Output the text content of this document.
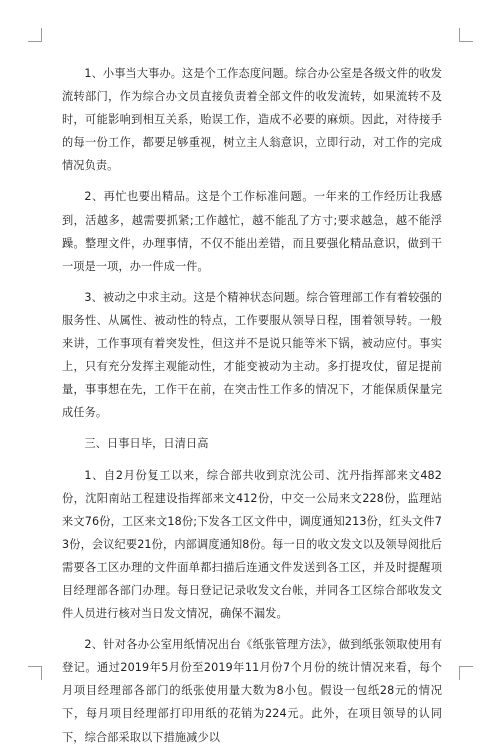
1、小事当大事办。这是个工作态度问题。综合办公室是各级文件的收发流转部门，作为综合办文员直接负责着全部文件的收发流转，如果流转不及时，可能影响到相互关系，贻误工作，造成不必要的麻烦。因此，对待接手的每一份工作，都要足够重视，树立主人翁意识，立即行动，对工作的完成情况负责。

2、再忙也要出精品。这是个工作标准问题。一年来的工作经历让我感到，活越多，越需要抓紧;工作越忙，越不能乱了方寸;要求越急，越不能浮躁。整理文件，办理事情，不仅不能出差错，而且要强化精品意识，做到干一项是一项，办一件成一件。

3、被动之中求主动。这是个精神状态问题。综合管理部工作有着较强的服务性、从属性、被动性的特点，工作要服从领导日程，围着领导转。一般来讲，工作事项有着突发性，但这并不是说只能等米下锅，被动应付。事实上，只有充分发挥主观能动性，才能变被动为主动。多打提攻仗，留足提前量，事事想在先，工作干在前，在突击性工作多的情况下，才能保质保量完成任务。

三、日事日毕，日清日高

1、自2月份复工以来，综合部共收到京沈公司、沈丹指挥部来文482份，沈阳南站工程建设指挥部来文412份，中交一公局来文228份，监理站来文76份，工区来文18份;下发各工区文件中，调度通知213份，红头文件73份，会议纪要21份，内部调度通知8份。每一日的收文发文以及领导阅批后需要各工区办理的文件面单都扫描后连通文件发送到各工区，并及时提醒项目经理部各部门办理。每日登记记录收发文台帐，并同各工区综合部收发文件人员进行核对当日发文情况，确保不漏发。

2、针对各办公室用纸情况出台《纸张管理方法》，做到纸张领取使用有登记。通过2019年5月份至2019年11月份7个月份的统计情况来看，每个月项目经理部各部门的纸张使用量大数为8小包。假设一包纸28元的情况下，每月项目经理部打印用纸的花销为224元。此外，在项目领导的认同下，综合部采取以下措施减少以
